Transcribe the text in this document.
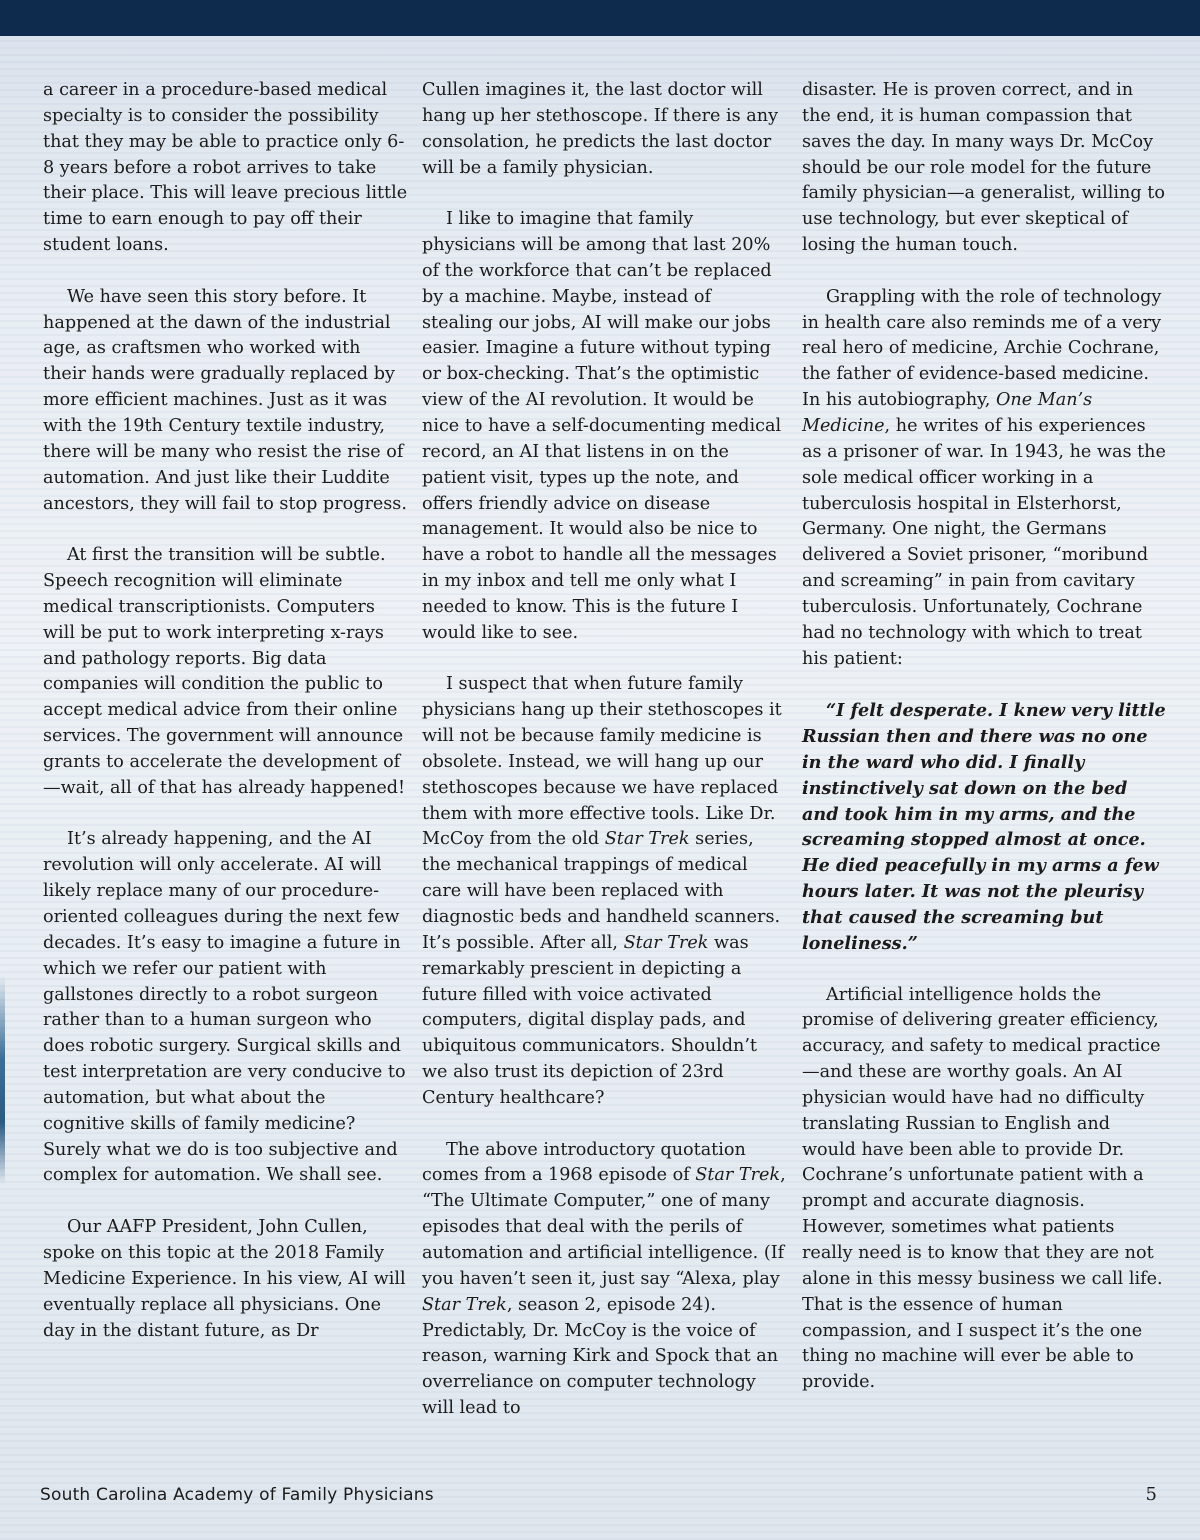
a career in a procedure-based medical specialty is to consider the possibility that they may be able to practice only 6-8 years before a robot arrives to take their place. This will leave precious little time to earn enough to pay off their student loans.

We have seen this story before. It happened at the dawn of the industrial age, as craftsmen who worked with their hands were gradually replaced by more efficient machines. Just as it was with the 19th Century textile industry, there will be many who resist the rise of automation. And just like their Luddite ancestors, they will fail to stop progress.

At first the transition will be subtle. Speech recognition will eliminate medical transcriptionists. Computers will be put to work interpreting x-rays and pathology reports. Big data companies will condition the public to accept medical advice from their online services. The government will announce grants to accelerate the development of—wait, all of that has already happened!

It’s already happening, and the AI revolution will only accelerate. AI will likely replace many of our procedure-oriented colleagues during the next few decades. It’s easy to imagine a future in which we refer our patient with gallstones directly to a robot surgeon rather than to a human surgeon who does robotic surgery. Surgical skills and test interpretation are very conducive to automation, but what about the cognitive skills of family medicine? Surely what we do is too subjective and complex for automation. We shall see.

Our AAFP President, John Cullen, spoke on this topic at the 2018 Family Medicine Experience. In his view, AI will eventually replace all physicians. One day in the distant future, as Dr

Cullen imagines it, the last doctor will hang up her stethoscope. If there is any consolation, he predicts the last doctor will be a family physician.

I like to imagine that family physicians will be among that last 20% of the workforce that can’t be replaced by a machine. Maybe, instead of stealing our jobs, AI will make our jobs easier. Imagine a future without typing or box-checking. That’s the optimistic view of the AI revolution. It would be nice to have a self-documenting medical record, an AI that listens in on the patient visit, types up the note, and offers friendly advice on disease management. It would also be nice to have a robot to handle all the messages in my inbox and tell me only what I needed to know. This is the future I would like to see.

I suspect that when future family physicians hang up their stethoscopes it will not be because family medicine is obsolete. Instead, we will hang up our stethoscopes because we have replaced them with more effective tools. Like Dr. McCoy from the old Star Trek series, the mechanical trappings of medical care will have been replaced with diagnostic beds and handheld scanners. It’s possible. After all, Star Trek was remarkably prescient in depicting a future filled with voice activated computers, digital display pads, and ubiquitous communicators. Shouldn’t we also trust its depiction of 23rd Century healthcare?

The above introductory quotation comes from a 1968 episode of Star Trek, “The Ultimate Computer,” one of many episodes that deal with the perils of automation and artificial intelligence. (If you haven’t seen it, just say “Alexa, play Star Trek, season 2, episode 24). Predictably, Dr. McCoy is the voice of reason, warning Kirk and Spock that an overreliance on computer technology will lead to

disaster. He is proven correct, and in the end, it is human compassion that saves the day. In many ways Dr. McCoy should be our role model for the future family physician—a generalist, willing to use technology, but ever skeptical of losing the human touch.

Grappling with the role of technology in health care also reminds me of a very real hero of medicine, Archie Cochrane, the father of evidence-based medicine. In his autobiography, One Man’s Medicine, he writes of his experiences as a prisoner of war. In 1943, he was the sole medical officer working in a tuberculosis hospital in Elsterhorst, Germany. One night, the Germans delivered a Soviet prisoner, “moribund and screaming” in pain from cavitary tuberculosis. Unfortunately, Cochrane had no technology with which to treat his patient:

“I felt desperate. I knew very little Russian then and there was no one in the ward who did. I finally instinctively sat down on the bed and took him in my arms, and the screaming stopped almost at once. He died peacefully in my arms a few hours later. It was not the pleurisy that caused the screaming but loneliness.”

Artificial intelligence holds the promise of delivering greater efficiency, accuracy, and safety to medical practice—and these are worthy goals. An AI physician would have had no difficulty translating Russian to English and would have been able to provide Dr. Cochrane’s unfortunate patient with a prompt and accurate diagnosis. However, sometimes what patients really need is to know that they are not alone in this messy business we call life. That is the essence of human compassion, and I suspect it’s the one thing no machine will ever be able to provide.

South Carolina Academy of Family Physicians	5
